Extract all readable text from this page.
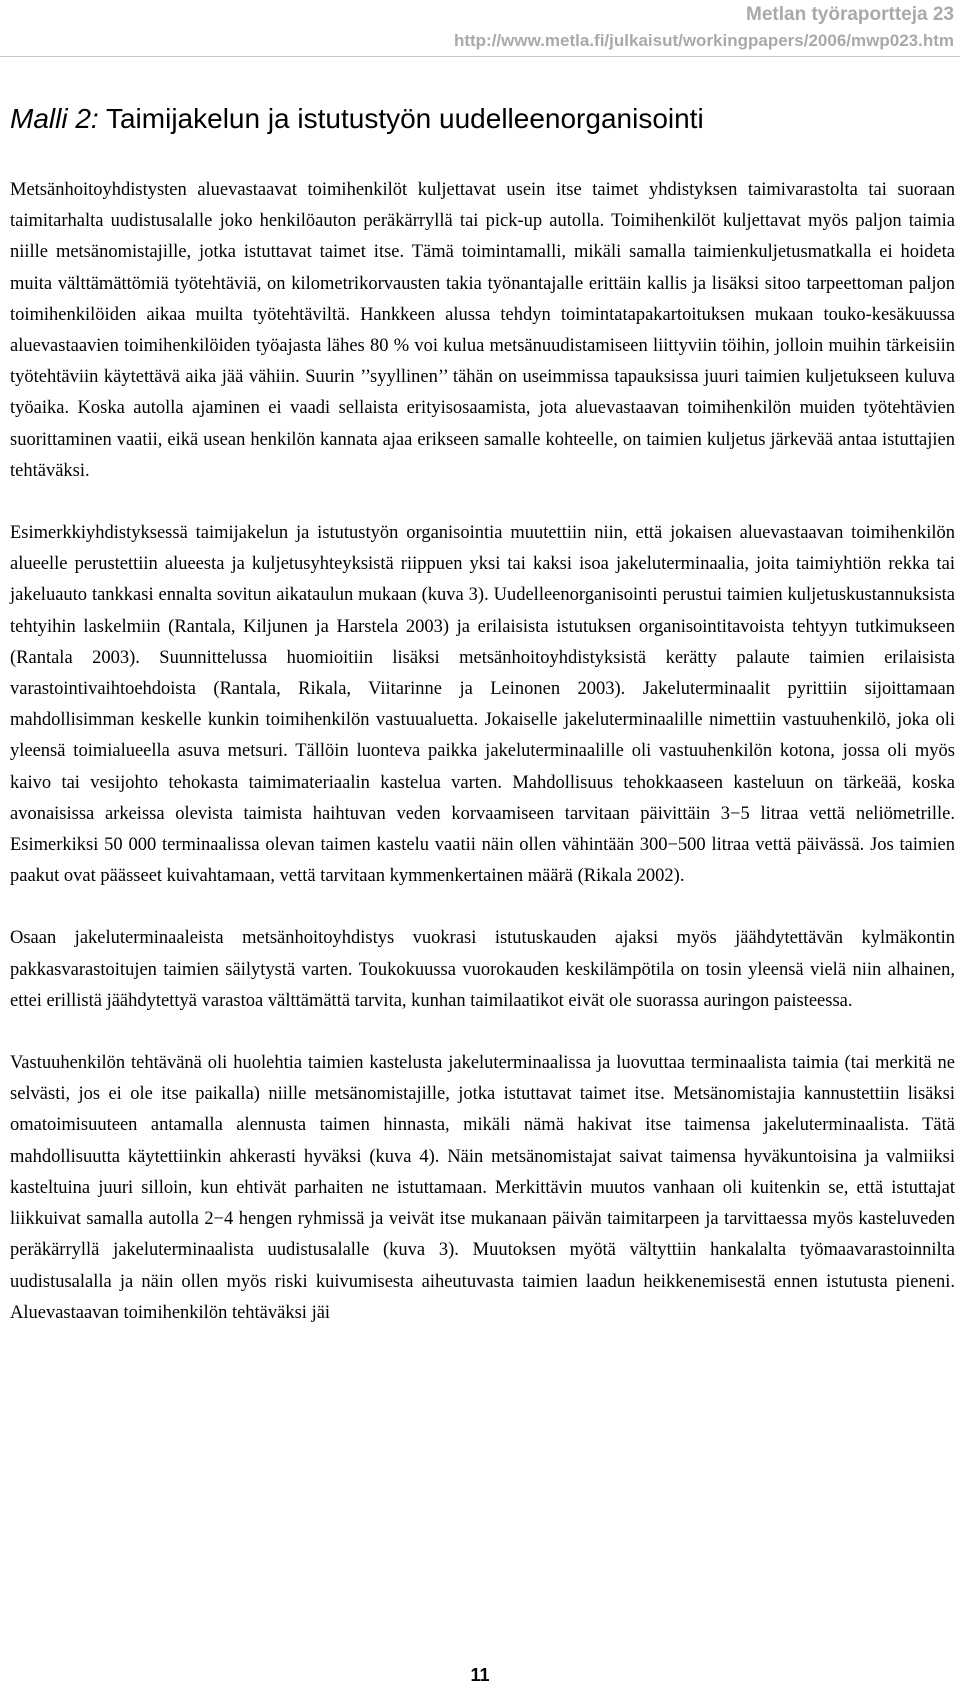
Metlan työraportteja 23
http://www.metla.fi/julkaisut/workingpapers/2006/mwp023.htm
Malli 2: Taimijakelun ja istutustyön uudelleenorganisointi

Metsänhoitoyhdistysten aluevastaavat toimihenkilöt kuljettavat usein itse taimet yhdistyksen taimivarastolta tai suoraan taimitarhalta uudistusalalle joko henkilöauton peräkärryllä tai pick-up autolla. Toimihenkilöt kuljettavat myös paljon taimia niille metsänomistajille, jotka istuttavat taimet itse. Tämä toimintamalli, mikäli samalla taimienkuljetusmatkalla ei hoideta muita välttämättömiä työtehtäviä, on kilometrikorvausten takia työnantajalle erittäin kallis ja lisäksi sitoo tarpeettoman paljon toimihenkilöiden aikaa muilta työtehtäviltä. Hankkeen alussa tehdyn toimintatapakartoituksen mukaan touko-kesäkuussa aluevastaavien toimihenkilöiden työajasta lähes 80 % voi kulua metsänuudistamiseen liittyviin töihin, jolloin muihin tärkeisiin työtehtäviin käytettävä aika jää vähiin. Suurin ’’syyllinen’’ tähän on useimmissa tapauksissa juuri taimien kuljetukseen kuluva työaika. Koska autolla ajaminen ei vaadi sellaista erityisosaamista, jota aluevastaavan toimihenkilön muiden työtehtävien suorittaminen vaatii, eikä usean henkilön kannata ajaa erikseen samalle kohteelle, on taimien kuljetus järkevää antaa istuttajien tehtäväksi.

Esimerkkiyhdistyksessä taimijakelun ja istutustyön organisointia muutettiin niin, että jokaisen aluevastaavan toimihenkilön alueelle perustettiin alueesta ja kuljetusyhteyksistä riippuen yksi tai kaksi isoa jakeluterminaalia, joita taimiyhtiön rekka tai jakeluauto tankkasi ennalta sovitun aikataulun mukaan (kuva 3). Uudelleenorganisointi perustui taimien kuljetuskustannuksista tehtyihin laskelmiin (Rantala, Kiljunen ja Harstela 2003) ja erilaisista istutuksen organisointitavoista tehtyyn tutkimukseen (Rantala 2003). Suunnittelussa huomioitiin lisäksi metsänhoitoyhdistyksistä kerätty palaute taimien erilaisista varastointivaihtoehdoista (Rantala, Rikala, Viitarinne ja Leinonen 2003). Jakeluterminaalit pyrittiin sijoittamaan mahdollisimman keskelle kunkin toimihenkilön vastuualuetta. Jokaiselle jakeluterminaalille nimettiin vastuuhenkilö, joka oli yleensä toimialueella asuva metsuri. Tällöin luonteva paikka jakeluterminaalille oli vastuuhenkilön kotona, jossa oli myös kaivo tai vesijohto tehokasta taimimateriaalin kastelua varten. Mahdollisuus tehokkaaseen kasteluun on tärkeää, koska avonaisissa arkeissa olevista taimista haihtuvan veden korvaamiseen tarvitaan päivittäin 3−5 litraa vettä neliömetrille. Esimerkiksi 50 000 terminaalissa olevan taimen kastelu vaatii näin ollen vähintään 300−500 litraa vettä päivässä. Jos taimien paakut ovat päässeet kuivahtamaan, vettä tarvitaan kymmenkertainen määrä (Rikala 2002).

Osaan jakeluterminaaleista metsänhoitoyhdistys vuokrasi istutuskauden ajaksi myös jäähdytettävän kylmäkontin pakkasvarastoitujen taimien säilytystä varten. Toukokuussa vuorokauden keskilämpötila on tosin yleensä vielä niin alhainen, ettei erillistä jäähdytettyä varastoa välttämättä tarvita, kunhan taimilaatikot eivät ole suorassa auringon paisteessa.

Vastuuhenkilön tehtävänä oli huolehtia taimien kastelusta jakeluterminaalissa ja luovuttaa terminaalista taimia (tai merkitä ne selvästi, jos ei ole itse paikalla) niille metsänomistajille, jotka istuttavat taimet itse. Metsänomistajia kannustettiin lisäksi omatoimisuuteen antamalla alennusta taimen hinnasta, mikäli nämä hakivat itse taimensa jakeluterminaalista. Tätä mahdollisuutta käytettiinkin ahkerasti hyväksi (kuva 4). Näin metsänomistajat saivat taimensa hyväkuntoisina ja valmiiksi kasteltuina juuri silloin, kun ehtivät parhaiten ne istuttamaan. Merkittävin muutos vanhaan oli kuitenkin se, että istuttajat liikkuivat samalla autolla 2−4 hengen ryhmissä ja veivät itse mukanaan päivän taimitarpeen ja tarvittaessa myös kasteluveden peräkärryllä jakeluterminaalista uudistusalalle (kuva 3). Muutoksen myötä vältyttiin hankalalta työmaavarastoinnilta uudistusalalla ja näin ollen myös riski kuivumisesta aiheutuvasta taimien laadun heikkenemisestä ennen istutusta pieneni. Aluevastaavan toimihenkilön tehtäväksi jäi

11
